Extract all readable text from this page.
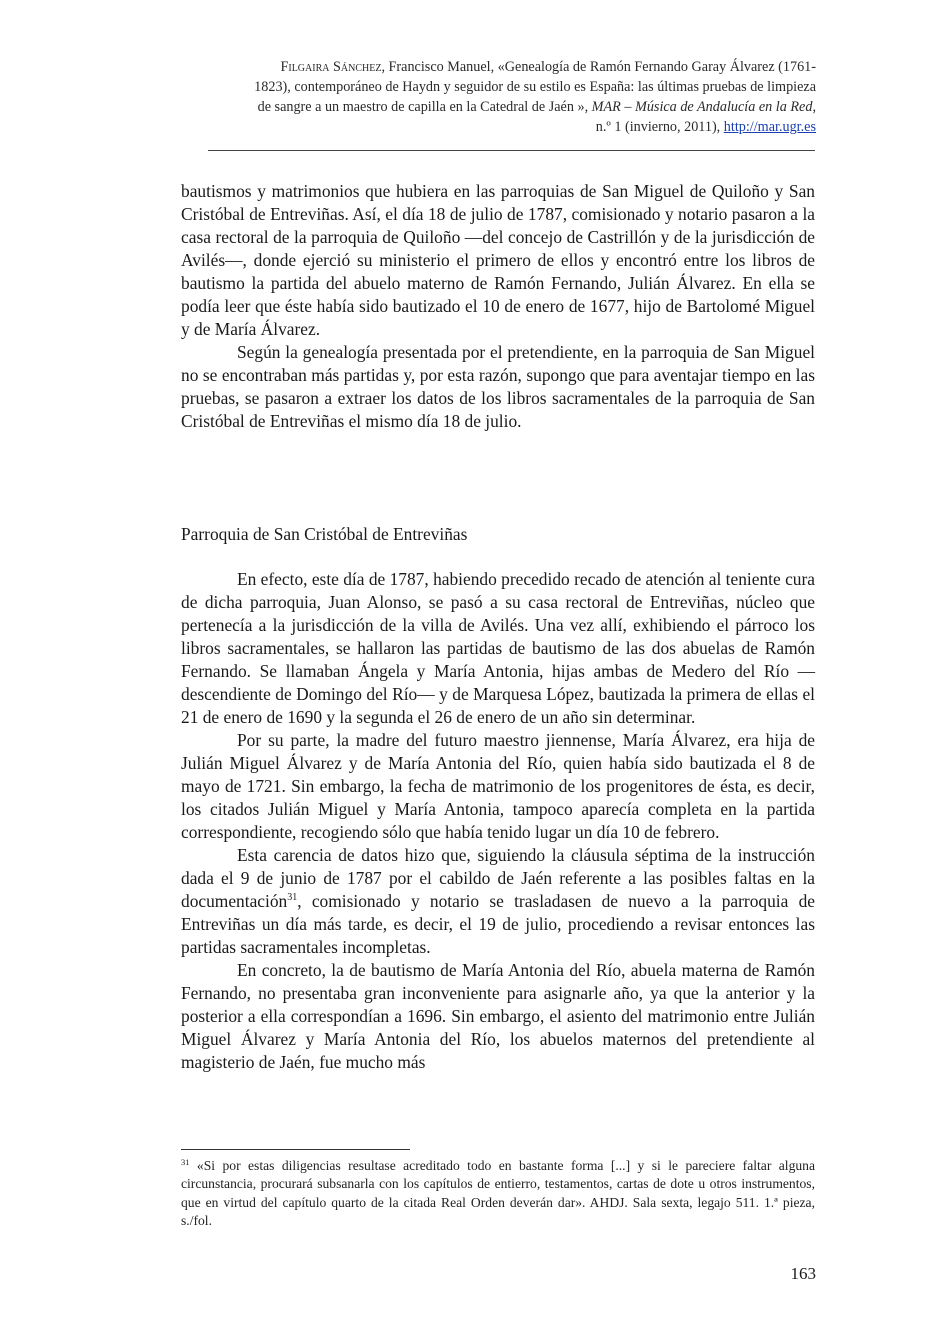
Filgaira Sánchez, Francisco Manuel, «Genealogía de Ramón Fernando Garay Álvarez (1761-
1823), contemporáneo de Haydn y seguidor de su estilo es España: las últimas pruebas de limpieza
de sangre a un maestro de capilla en la Catedral de Jaén », MAR – Música de Andalucía en la Red,
n.º 1 (invierno, 2011), http://mar.ugr.es

bautismos y matrimonios que hubiera en las parroquias de San Miguel de Quiloño y San Cristóbal de Entreviñas. Así, el día 18 de julio de 1787, comisionado y notario pasaron a la casa rectoral de la parroquia de Quiloño —del concejo de Castrillón y de la jurisdicción de Avilés—, donde ejerció su ministerio el primero de ellos y encontró entre los libros de bautismo la partida del abuelo materno de Ramón Fernando, Julián Álvarez. En ella se podía leer que éste había sido bautizado el 10 de enero de 1677, hijo de Bartolomé Miguel y de María Álvarez.

Según la genealogía presentada por el pretendiente, en la parroquia de San Miguel no se encontraban más partidas y, por esta razón, supongo que para aventajar tiempo en las pruebas, se pasaron a extraer los datos de los libros sacramentales de la parroquia de San Cristóbal de Entreviñas el mismo día 18 de julio.

Parroquia de San Cristóbal de Entreviñas

En efecto, este día de 1787, habiendo precedido recado de atención al teniente cura de dicha parroquia, Juan Alonso, se pasó a su casa rectoral de Entreviñas, núcleo que pertenecía a la jurisdicción de la villa de Avilés. Una vez allí, exhibiendo el párroco los libros sacramentales, se hallaron las partidas de bautismo de las dos abuelas de Ramón Fernando. Se llamaban Ángela y María Antonia, hijas ambas de Medero del Río —descendiente de Domingo del Río— y de Marquesa López, bautizada la primera de ellas el 21 de enero de 1690 y la segunda el 26 de enero de un año sin determinar.

Por su parte, la madre del futuro maestro jiennense, María Álvarez, era hija de Julián Miguel Álvarez y de María Antonia del Río, quien había sido bautizada el 8 de mayo de 1721. Sin embargo, la fecha de matrimonio de los progenitores de ésta, es decir, los citados Julián Miguel y María Antonia, tampoco aparecía completa en la partida correspondiente, recogiendo sólo que había tenido lugar un día 10 de febrero.

Esta carencia de datos hizo que, siguiendo la cláusula séptima de la instrucción dada el 9 de junio de 1787 por el cabildo de Jaén referente a las posibles faltas en la documentación$^{31}$, comisionado y notario se trasladasen de nuevo a la parroquia de Entreviñas un día más tarde, es decir, el 19 de julio, procediendo a revisar entonces las partidas sacramentales incompletas.

En concreto, la de bautismo de María Antonia del Río, abuela materna de Ramón Fernando, no presentaba gran inconveniente para asignarle año, ya que la anterior y la posterior a ella correspondían a 1696. Sin embargo, el asiento del matrimonio entre Julián Miguel Álvarez y María Antonia del Río, los abuelos maternos del pretendiente al magisterio de Jaén, fue mucho más

$^{31}$ «Si por estas diligencias resultase acreditado todo en bastante forma [...] y si le pareciere faltar alguna circunstancia, procurará subsanarla con los capítulos de entierro, testamentos, cartas de dote u otros instrumentos, que en virtud del capítulo quarto de la citada Real Orden deverán dar». AHDJ. Sala sexta, legajo 511. 1.ª pieza, s./fol.
163
